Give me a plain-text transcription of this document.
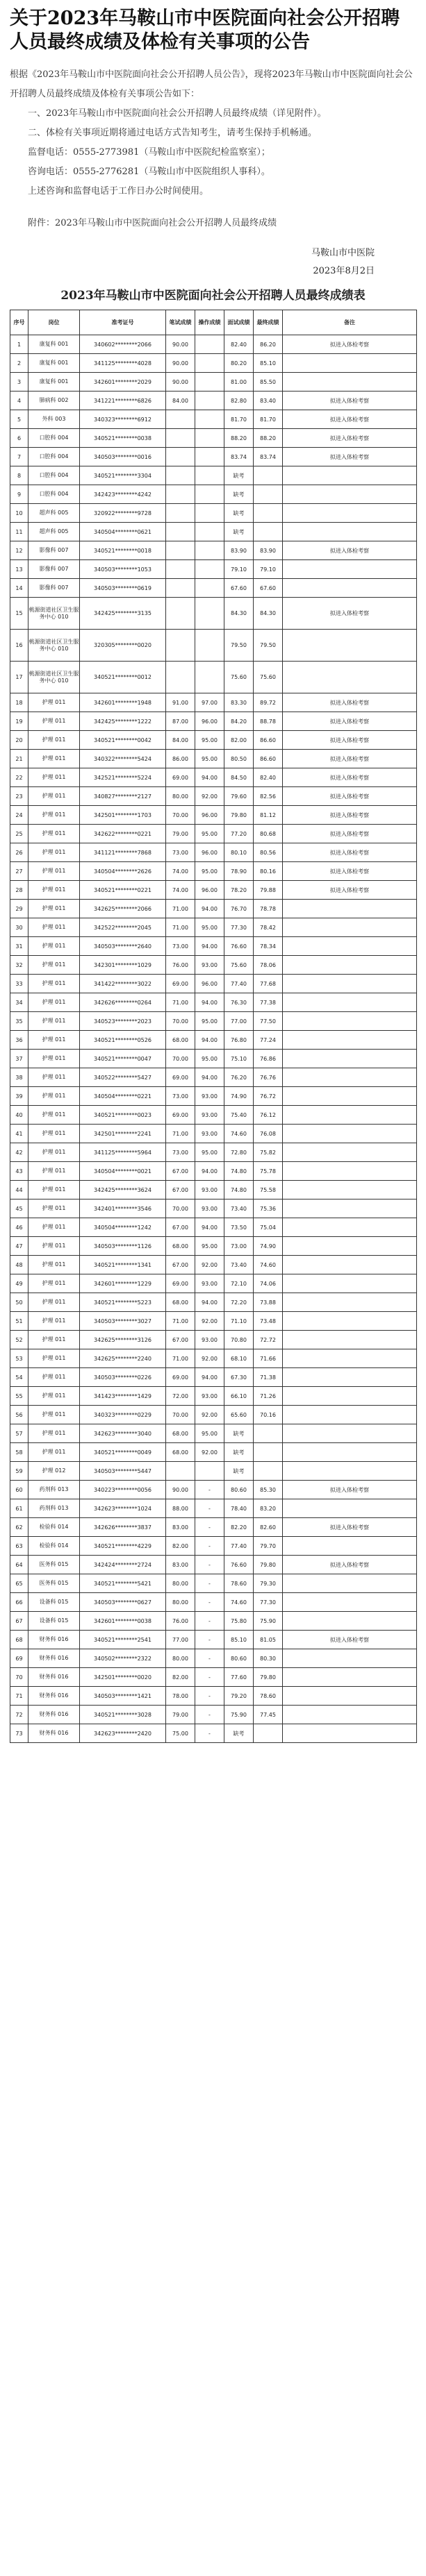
关于2023年马鞍山市中医院面向社会公开招聘人员最终成绩及体检有关事项的公告

根据《2023年马鞍山市中医院面向社会公开招聘人员公告》，现将2023年马鞍山市中医院面向社会公开招聘人员最终成绩及体检有关事项公告如下：

一、2023年马鞍山市中医院面向社会公开招聘人员最终成绩（详见附件）。

二、体检有关事项近期将通过电话方式告知考生，请考生保持手机畅通。

监督电话：0555-2773981（马鞍山市中医院纪检监察室）；

咨询电话：0555-2776281（马鞍山市中医院组织人事科）。

上述咨询和监督电话于工作日办公时间使用。

附件：2023年马鞍山市中医院面向社会公开招聘人员最终成绩

马鞍山市中医院
2023年8月2日
2023年马鞍山市中医院面向社会公开招聘人员最终成绩表
序号	岗位	准考证号	笔试成绩	操作成绩	面试成绩	最终成绩	备注
1	康复科 001	340602********2066	90.00		82.40	86.20	拟进入体检考察
2	康复科 001	341125********4028	90.00		80.20	85.10	
3	康复科 001	342601********2029	90.00		81.00	85.50	
4	肺病科 002	341221********6826	84.00		82.80	83.40	拟进入体检考察
5	外科 003	340323********6912			81.70	81.70	拟进入体检考察
6	口腔科 004	340521********0038			88.20	88.20	拟进入体检考察
7	口腔科 004	340503********0016			83.74	83.74	拟进入体检考察
8	口腔科 004	340521********3304			缺考		
9	口腔科 004	342423********4242			缺考		
10	超声科 005	320922********9728			缺考		
11	超声科 005	340504********0621			缺考		
12	影像科 007	340521********0018			83.90	83.90	拟进入体检考察
13	影像科 007	340503********1053			79.10	79.10	
14	影像科 007	340503********0619			67.60	67.60	
15	桃源街道社区卫生服务中心 010	342425********3135			84.30	84.30	拟进入体检考察
16	桃源街道社区卫生服务中心 010	320305********0020			79.50	79.50	
17	桃源街道社区卫生服务中心 010	340521********0012			75.60	75.60	
18	护理 011	342601********1948	91.00	97.00	83.30	89.72	拟进入体检考察
19	护理 011	342425********1222	87.00	96.00	84.20	88.78	拟进入体检考察
20	护理 011	340521********0042	84.00	95.00	82.00	86.60	拟进入体检考察
21	护理 011	340322********5424	86.00	95.00	80.50	86.60	拟进入体检考察
22	护理 011	342521********5224	69.00	94.00	84.50	82.40	拟进入体检考察
23	护理 011	340827********2127	80.00	92.00	79.60	82.56	拟进入体检考察
24	护理 011	342501********1703	70.00	96.00	79.80	81.12	拟进入体检考察
25	护理 011	342622********0221	79.00	95.00	77.20	80.68	拟进入体检考察
26	护理 011	341121********7868	73.00	96.00	80.10	80.56	拟进入体检考察
27	护理 011	340504********2626	74.00	95.00	78.90	80.16	拟进入体检考察
28	护理 011	340521********0221	74.00	96.00	78.20	79.88	拟进入体检考察
29	护理 011	342625********2066	71.00	94.00	76.70	78.78	
30	护理 011	342522********2045	71.00	95.00	77.30	78.42	
31	护理 011	340503********2640	73.00	94.00	76.60	78.34	
32	护理 011	342301********1029	76.00	93.00	75.60	78.06	
33	护理 011	341422********3022	69.00	96.00	77.40	77.68	
34	护理 011	342626********0264	71.00	94.00	76.30	77.38	
35	护理 011	340523********2023	70.00	95.00	77.00	77.50	
36	护理 011	340521********0526	68.00	94.00	76.80	77.24	
37	护理 011	340521********0047	70.00	95.00	75.10	76.86	
38	护理 011	340522********5427	69.00	94.00	76.20	76.76	
39	护理 011	340504********0221	73.00	93.00	74.90	76.72	
40	护理 011	340521********0023	69.00	93.00	75.40	76.12	
41	护理 011	342501********2241	71.00	93.00	74.60	76.08	
42	护理 011	341125********5964	73.00	95.00	72.80	75.82	
43	护理 011	340504********0021	67.00	94.00	74.80	75.78	
44	护理 011	342425********3624	67.00	93.00	74.80	75.58	
45	护理 011	342401********3546	70.00	93.00	73.40	75.36	
46	护理 011	340504********1242	67.00	94.00	73.50	75.04	
47	护理 011	340503********1126	68.00	95.00	73.00	74.90	
48	护理 011	340521********1341	67.00	92.00	73.40	74.60	
49	护理 011	342601********1229	69.00	93.00	72.10	74.06	
50	护理 011	340521********5223	68.00	94.00	72.20	73.88	
51	护理 011	340503********3027	71.00	92.00	71.10	73.48	
52	护理 011	342625********3126	67.00	93.00	70.80	72.72	
53	护理 011	342625********2240	71.00	92.00	68.10	71.66	
54	护理 011	340503********0226	69.00	94.00	67.30	71.38	
55	护理 011	341423********1429	72.00	93.00	66.10	71.26	
56	护理 011	340323********0229	70.00	92.00	65.60	70.16	
57	护理 011	342623********3040	68.00	95.00	缺考		
58	护理 011	340521********0049	68.00	92.00	缺考		
59	护理 012	340503********5447			缺考		
60	药剂科 013	340223********0056	90.00	-	80.60	85.30	拟进入体检考察
61	药剂科 013	342623********1024	88.00	-	78.40	83.20	
62	检验科 014	342626********3837	83.00	-	82.20	82.60	拟进入体检考察
63	检验科 014	340521********4229	82.00	-	77.40	79.70	
64	医务科 015	342424********2724	83.00	-	76.60	79.80	拟进入体检考察
65	医务科 015	340521********5421	80.00	-	78.60	79.30	
66	设备科 015	340503********0627	80.00	-	74.60	77.30	
67	设备科 015	342601********0038	76.00	-	75.80	75.90	
68	财务科 016	340521********2541	77.00	-	85.10	81.05	拟进入体检考察
69	财务科 016	340502********2322	80.00	-	80.60	80.30	
70	财务科 016	342501********0020	82.00	-	77.60	79.80	
71	财务科 016	340503********1421	78.00	-	79.20	78.60	
72	财务科 016	340521********3028	79.00	-	75.90	77.45	
73	财务科 016	342623********2420	75.00	-	缺考		
